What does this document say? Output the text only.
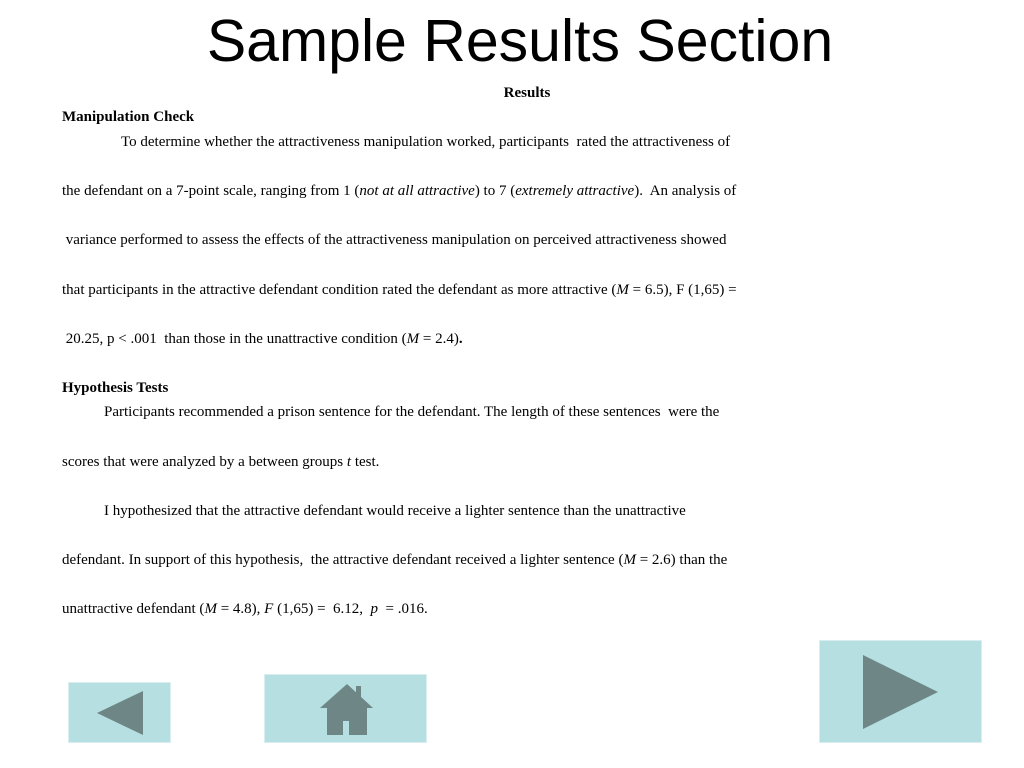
Sample Results Section
Results
Manipulation Check
To determine whether the attractiveness manipulation worked, participants  rated the attractiveness of
the defendant on a 7-point scale, ranging from 1 (not at all attractive) to 7 (extremely attractive).  An analysis of
variance performed to assess the effects of the attractiveness manipulation on perceived attractiveness showed
that participants in the attractive defendant condition rated the defendant as more attractive (M = 6.5), F (1,65) =
20.25, p < .001  than those in the unattractive condition (M = 2.4).
Hypothesis Tests
Participants recommended a prison sentence for the defendant. The length of these sentences  were the
scores that were analyzed by a between groups t test.
I hypothesized that the attractive defendant would receive a lighter sentence than the unattractive
defendant. In support of this hypothesis,  the attractive defendant received a lighter sentence (M = 2.6) than the
unattractive defendant (M = 4.8), F (1,65) =  6.12,  p  = .016.
